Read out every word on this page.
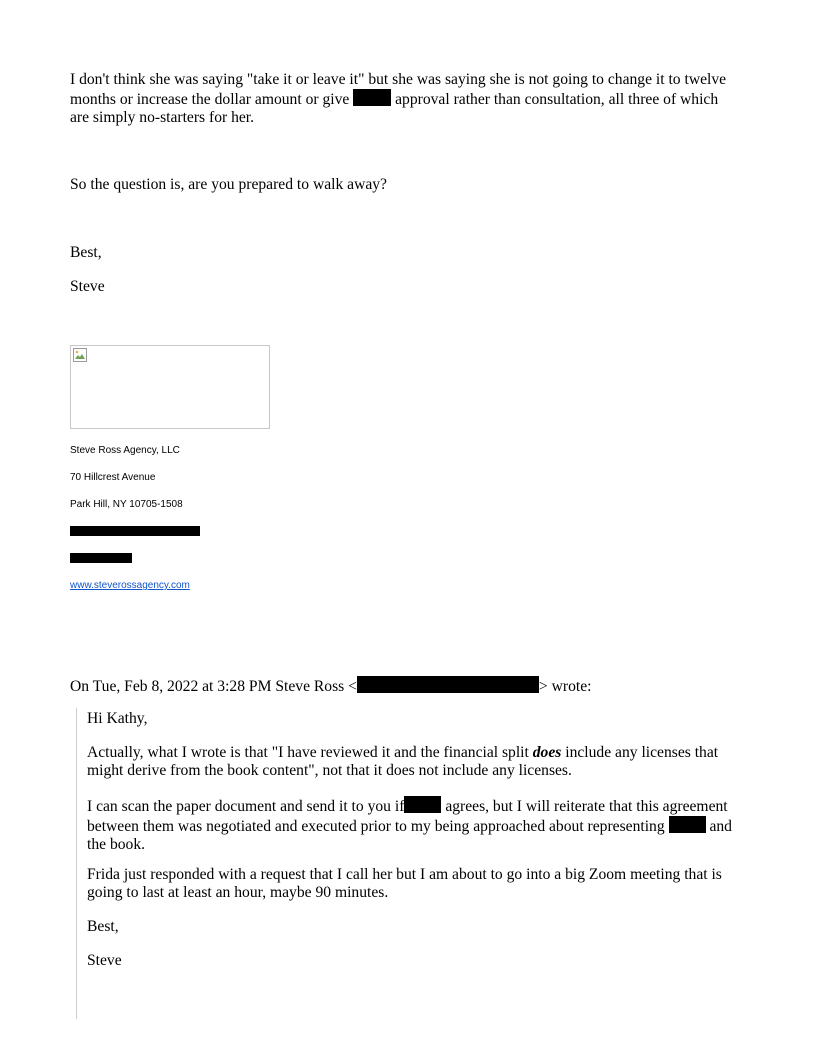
I don't think she was saying "take it or leave it" but she was saying she is not going to change it to twelve
months or increase the dollar amount or give	approval rather than consultation, all three of which
are simply no-starters for her.
So the question is, are you prepared to walk away?
Best,
Steve
Steve Ross Agency, LLC
70 Hillcrest Avenue
Park Hill, NY 10705-1508
www.steverossagency.com
On Tue, Feb 8, 2022 at 3:28 PM Steve Ross <	> wrote:
Hi Kathy,
Actually, what I wrote is that "I have reviewed it and the financial split does include any licenses that
might derive from the book content", not that it does not include any licenses.
I can scan the paper document and send it to you if	agrees, but I will reiterate that this agreement
between them was negotiated and executed prior to my being approached about representing	and
the book.
Frida just responded with a request that I call her but I am about to go into a big Zoom meeting that is
going to last at least an hour, maybe 90 minutes.
Best,
Steve
